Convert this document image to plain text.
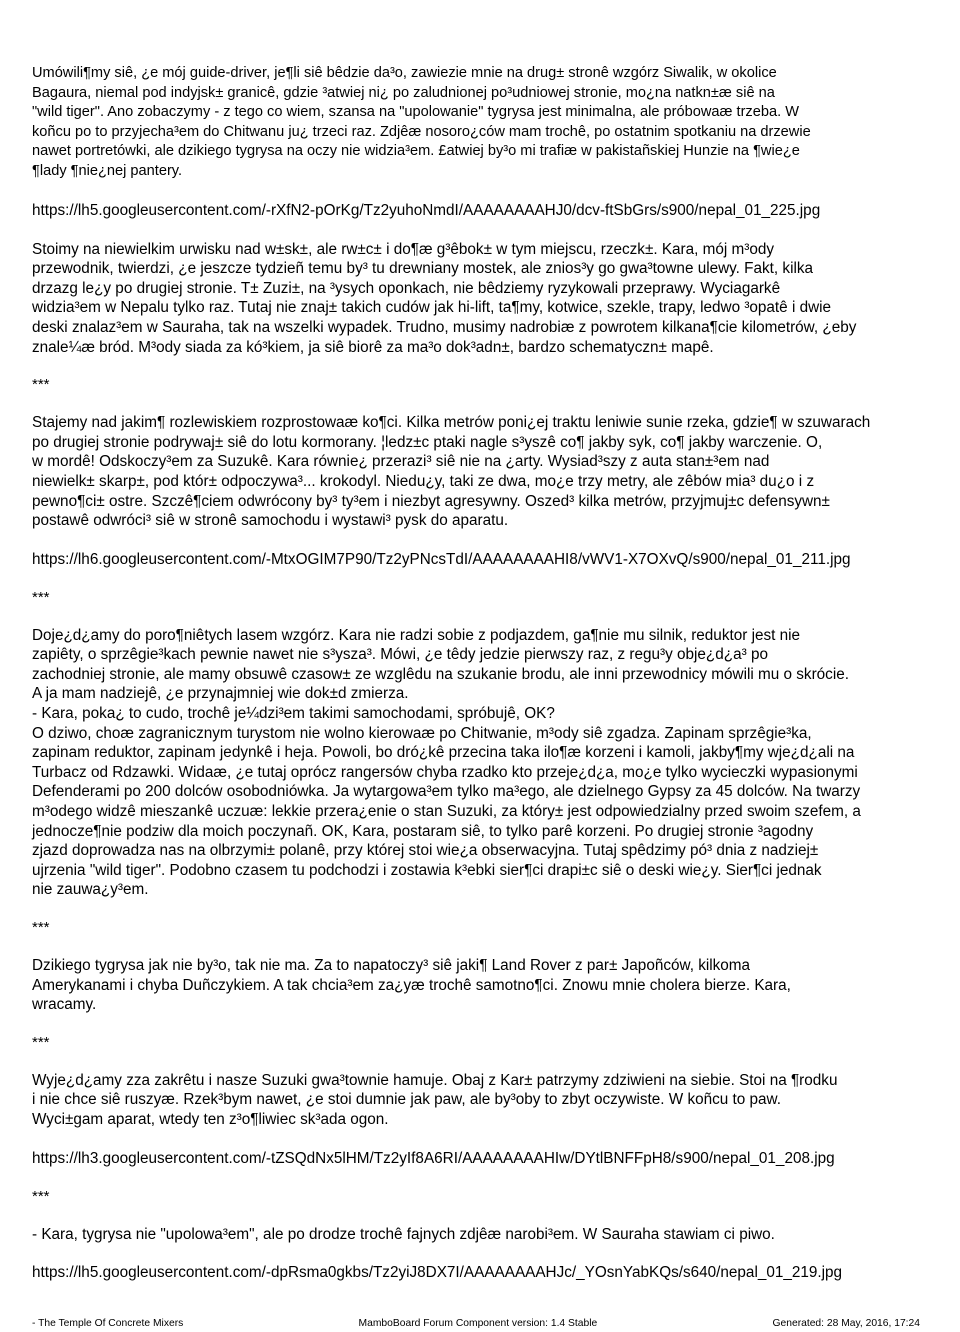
Umówili¶my siê, ¿e mój guide-driver, je¶li siê bêdzie da³o, zawiezie mnie na drug± stronê wzgórz Siwalik, w okolice
Bagaura, niemal pod indyjsk± granicê, gdzie ³atwiej ni¿ po zaludnionej po³udniowej stronie, mo¿na natkn±æ siê na
"wild tiger". Ano zobaczymy - z tego co wiem, szansa na "upolowanie" tygrysa jest minimalna, ale próbowaæ trzeba. W
koñcu po to przyjecha³em do Chitwanu ju¿ trzeci raz. Zdjêæ nosoro¿ców mam trochê, po ostatnim spotkaniu na drzewie
nawet portretówki, ale dzikiego tygrysa na oczy nie widzia³em. £atwiej by³o mi trafiæ w pakistañskiej Hunzie na ¶wie¿e
¶lady ¶nie¿nej pantery.
https://lh5.googleusercontent.com/-rXfN2-pOrKg/Tz2yuhoNmdI/AAAAAAAAHJ0/dcv-ftSbGrs/s900/nepal_01_225.jpg
Stoimy na niewielkim urwisku nad w±sk±, ale rw±c± i do¶æ g³êbok± w tym miejscu, rzeczk±. Kara, mój m³ody
przewodnik, twierdzi, ¿e jeszcze tydzieñ temu by³ tu drewniany mostek, ale znios³y go gwa³towne ulewy. Fakt, kilka
drzazg le¿y po drugiej stronie. T± Zuzi±, na ³ysych oponkach, nie bêdziemy ryzykowali przeprawy. Wyciagarkê
widzia³em w Nepalu tylko raz. Tutaj nie znaj± takich cudów jak hi-lift, ta¶my, kotwice, szekle, trapy, ledwo ³opatê i dwie
deski znalaz³em w Sauraha, tak na wszelki wypadek. Trudno, musimy nadrobiæ z powrotem kilkana¶cie kilometrów, ¿eby
znale¼æ bród. M³ody siada za kó³kiem, ja siê biorê za ma³o dok³adn±, bardzo schematyczn± mapê.
***
Stajemy nad jakim¶ rozlewiskiem rozprostowaæ ko¶ci. Kilka metrów poni¿ej traktu leniwie sunie rzeka, gdzie¶ w szuwarach
po drugiej stronie podrywaj± siê do lotu kormorany. ¦ledz±c ptaki nagle s³yszê co¶ jakby syk, co¶ jakby warczenie. O,
w mordê! Odskoczy³em za Suzukê. Kara równie¿ przerazi³ siê nie na ¿arty. Wysiad³szy z auta stan±³em nad
niewielk± skarp±, pod któr± odpoczywa³... krokodyl. Niedu¿y, taki ze dwa, mo¿e trzy metry, ale zêbów mia³ du¿o i z
pewno¶ci± ostre. Szczê¶ciem odwrócony by³ ty³em i niezbyt agresywny. Oszed³ kilka metrów, przyjmuj±c defensywn±
postawê odwróci³ siê w stronê samochodu i wystawi³ pysk do aparatu.
https://lh6.googleusercontent.com/-MtxOGIM7P90/Tz2yPNcsTdI/AAAAAAAAHI8/vWV1-X7OXvQ/s900/nepal_01_211.jpg
***
Doje¿d¿amy do poro¶niêtych lasem wzgórz. Kara nie radzi sobie z podjazdem, ga¶nie mu silnik, reduktor jest nie
zapiêty, o sprzêgie³kach pewnie nawet nie s³ysza³. Mówi, ¿e têdy jedzie pierwszy raz, z regu³y obje¿d¿a³ po
zachodniej stronie, ale mamy obsuwê czasow± ze wzglêdu na szukanie brodu, ale inni przewodnicy mówili mu o skrócie.
A ja mam nadziejê, ¿e przynajmniej wie dok±d zmierza.
- Kara, poka¿ to cudo, trochê je¼dzi³em takimi samochodami, spróbujê, OK?
O dziwo, choæ zagranicznym turystom nie wolno kierowaæ po Chitwanie, m³ody siê zgadza. Zapinam sprzêgie³ka,
zapinam reduktor, zapinam jedynkê i heja. Powoli, bo dró¿kê przecina taka ilo¶æ korzeni i kamoli, jakby¶my wje¿d¿ali na
Turbacz od Rdzawki. Widaæ, ¿e tutaj oprócz rangersów chyba rzadko kto przeje¿d¿a, mo¿e tylko wycieczki wypasionymi
Defenderami po 200 dolców osobodniówka. Ja wytargowa³em tylko ma³ego, ale dzielnego Gypsy za 45 dolców. Na twarzy
m³odego widzê mieszankê uczuæ: lekkie przera¿enie o stan Suzuki, za który± jest odpowiedzialny przed swoim szefem, a
jednocze¶nie podziw dla moich poczynañ. OK, Kara, postaram siê, to tylko parê korzeni. Po drugiej stronie ³agodny
zjazd doprowadza nas na olbrzymi± polanê, przy której stoi wie¿a obserwacyjna. Tutaj spêdzimy pó³ dnia z nadziej±
ujrzenia "wild tiger". Podobno czasem tu podchodzi i zostawia k³ebki sier¶ci drapi±c siê o deski wie¿y. Sier¶ci jednak
nie zauwa¿y³em.
***
Dzikiego tygrysa jak nie by³o, tak nie ma. Za to napatoczy³ siê jaki¶ Land Rover z par± Japoñców, kilkoma
Amerykanami i chyba Duñczykiem. A tak chcia³em za¿yæ trochê samotno¶ci. Znowu mnie cholera bierze. Kara,
wracamy.
***
Wyje¿d¿amy zza zakrêtu i nasze Suzuki gwa³townie hamuje. Obaj z Kar± patrzymy zdziwieni na siebie. Stoi na ¶rodku
i nie chce siê ruszyæ. Rzek³bym nawet, ¿e stoi dumnie jak paw, ale by³oby to zbyt oczywiste. W koñcu to paw.
Wyci±gam aparat, wtedy ten z³o¶liwiec sk³ada ogon.
https://lh3.googleusercontent.com/-tZSQdNx5lHM/Tz2yIf8A6RI/AAAAAAAAHIw/DYtlBNFFpH8/s900/nepal_01_208.jpg
***
- Kara, tygrysa nie "upolowa³em", ale po drodze trochê fajnych zdjêæ narobi³em. W Sauraha stawiam ci piwo.
https://lh5.googleusercontent.com/-dpRsma0gkbs/Tz2yiJ8DX7I/AAAAAAAAHJc/_YOsnYabKQs/s640/nepal_01_219.jpg
- The Temple Of Concrete Mixers	MamboBoard Forum Component version: 1.4 Stable	Generated: 28 May, 2016, 17:24
